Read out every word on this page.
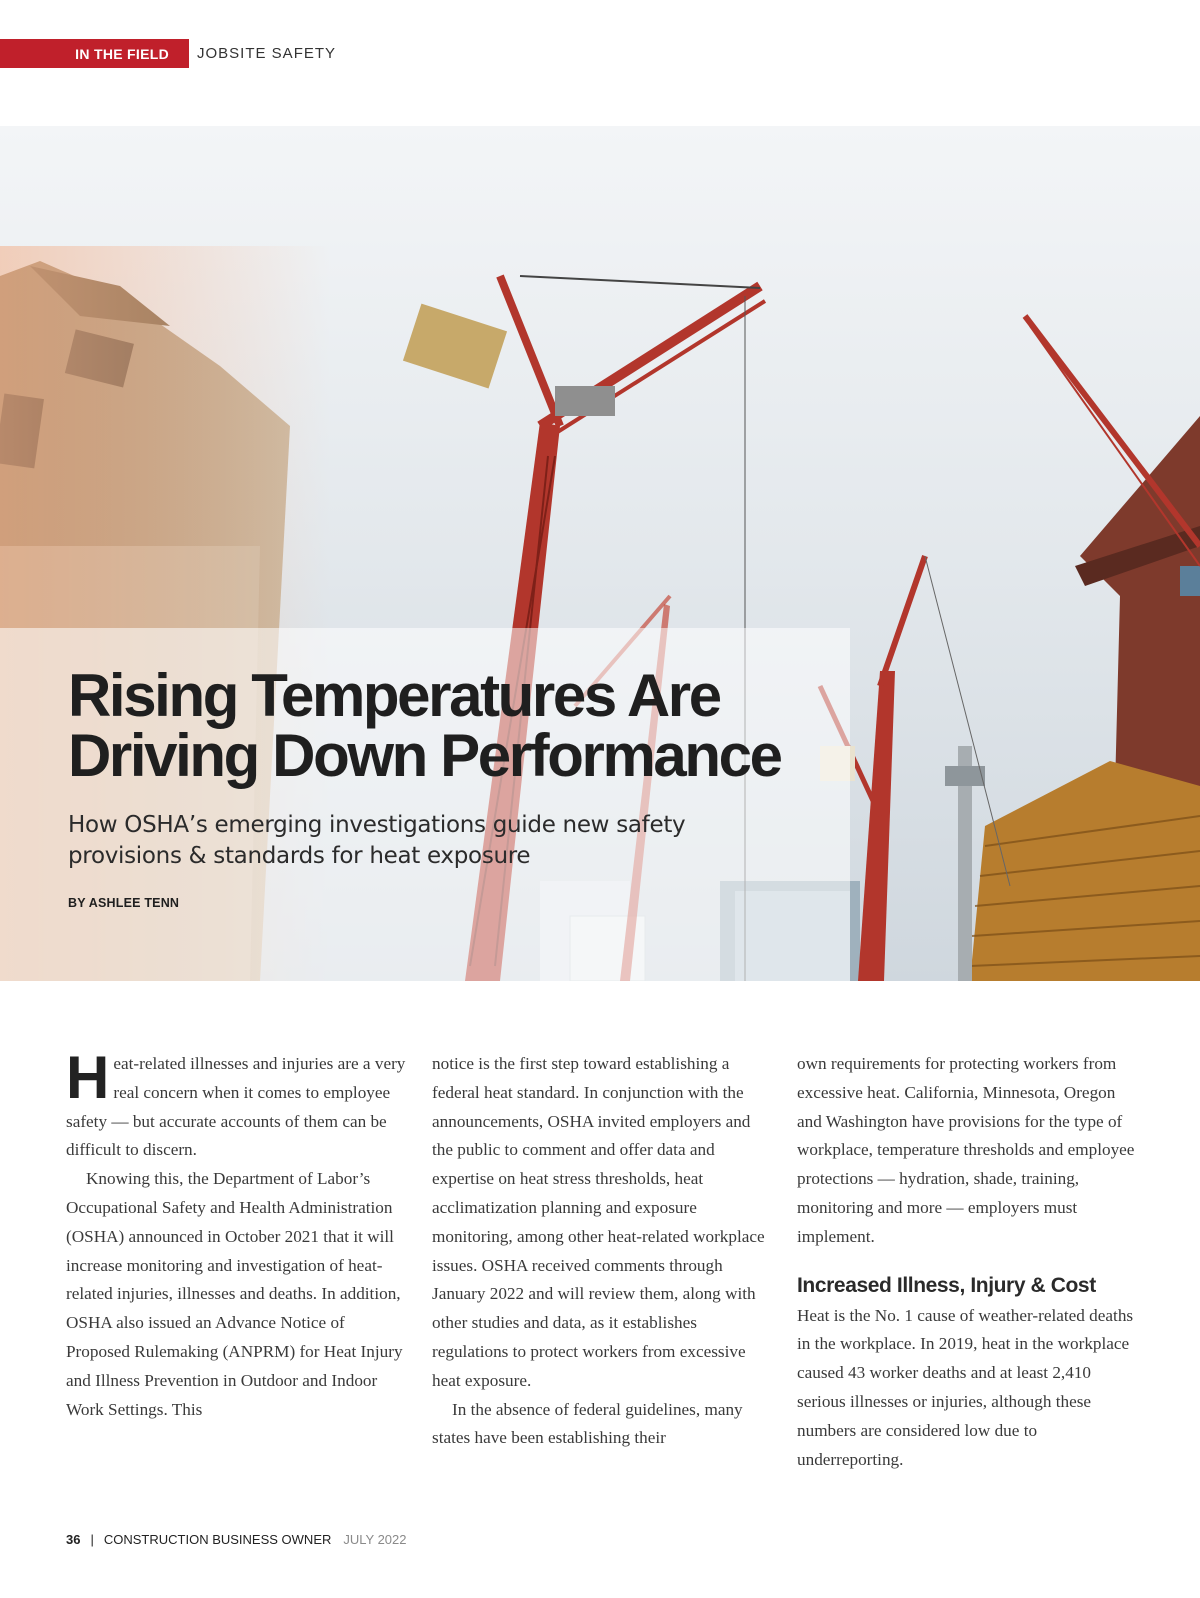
IN THE FIELD JOBSITE SAFETY
Rising Temperatures Are
Driving Down Performance
How OSHA’s emerging investigations guide new safety
provisions & standards for heat exposure
BY ASHLEE TENN

Heat-related illnesses and injuries are a very real concern when it comes to employee safety — but accurate accounts of them can be difficult to discern.

Knowing this, the Department of Labor’s Occupational Safety and Health Administration (OSHA) announced in October 2021 that it will increase monitoring and investigation of heat-related injuries, illnesses and deaths. In addition, OSHA also issued an Advance Notice of Proposed Rulemaking (ANPRM) for Heat Injury and Illness Prevention in Outdoor and Indoor Work Settings. This

notice is the first step toward establishing a federal heat standard. In conjunction with the announcements, OSHA invited employers and the public to comment and offer data and expertise on heat stress thresholds, heat acclimatization planning and exposure monitoring, among other heat-related workplace issues. OSHA received comments through January 2022 and will review them, along with other studies and data, as it establishes regulations to protect workers from excessive heat exposure.

In the absence of federal guidelines, many states have been establishing their

own requirements for protecting workers from excessive heat. California, Minnesota, Oregon and Washington have provisions for the type of workplace, temperature thresholds and employee protections — hydration, shade, training, monitoring and more — employers must implement.

Increased Illness, Injury & Cost

Heat is the No. 1 cause of weather-related deaths in the workplace. In 2019, heat in the workplace caused 43 worker deaths and at least 2,410 serious illnesses or injuries, although these numbers are considered low due to underreporting.

36 | CONSTRUCTION BUSINESS OWNER JULY 2022
